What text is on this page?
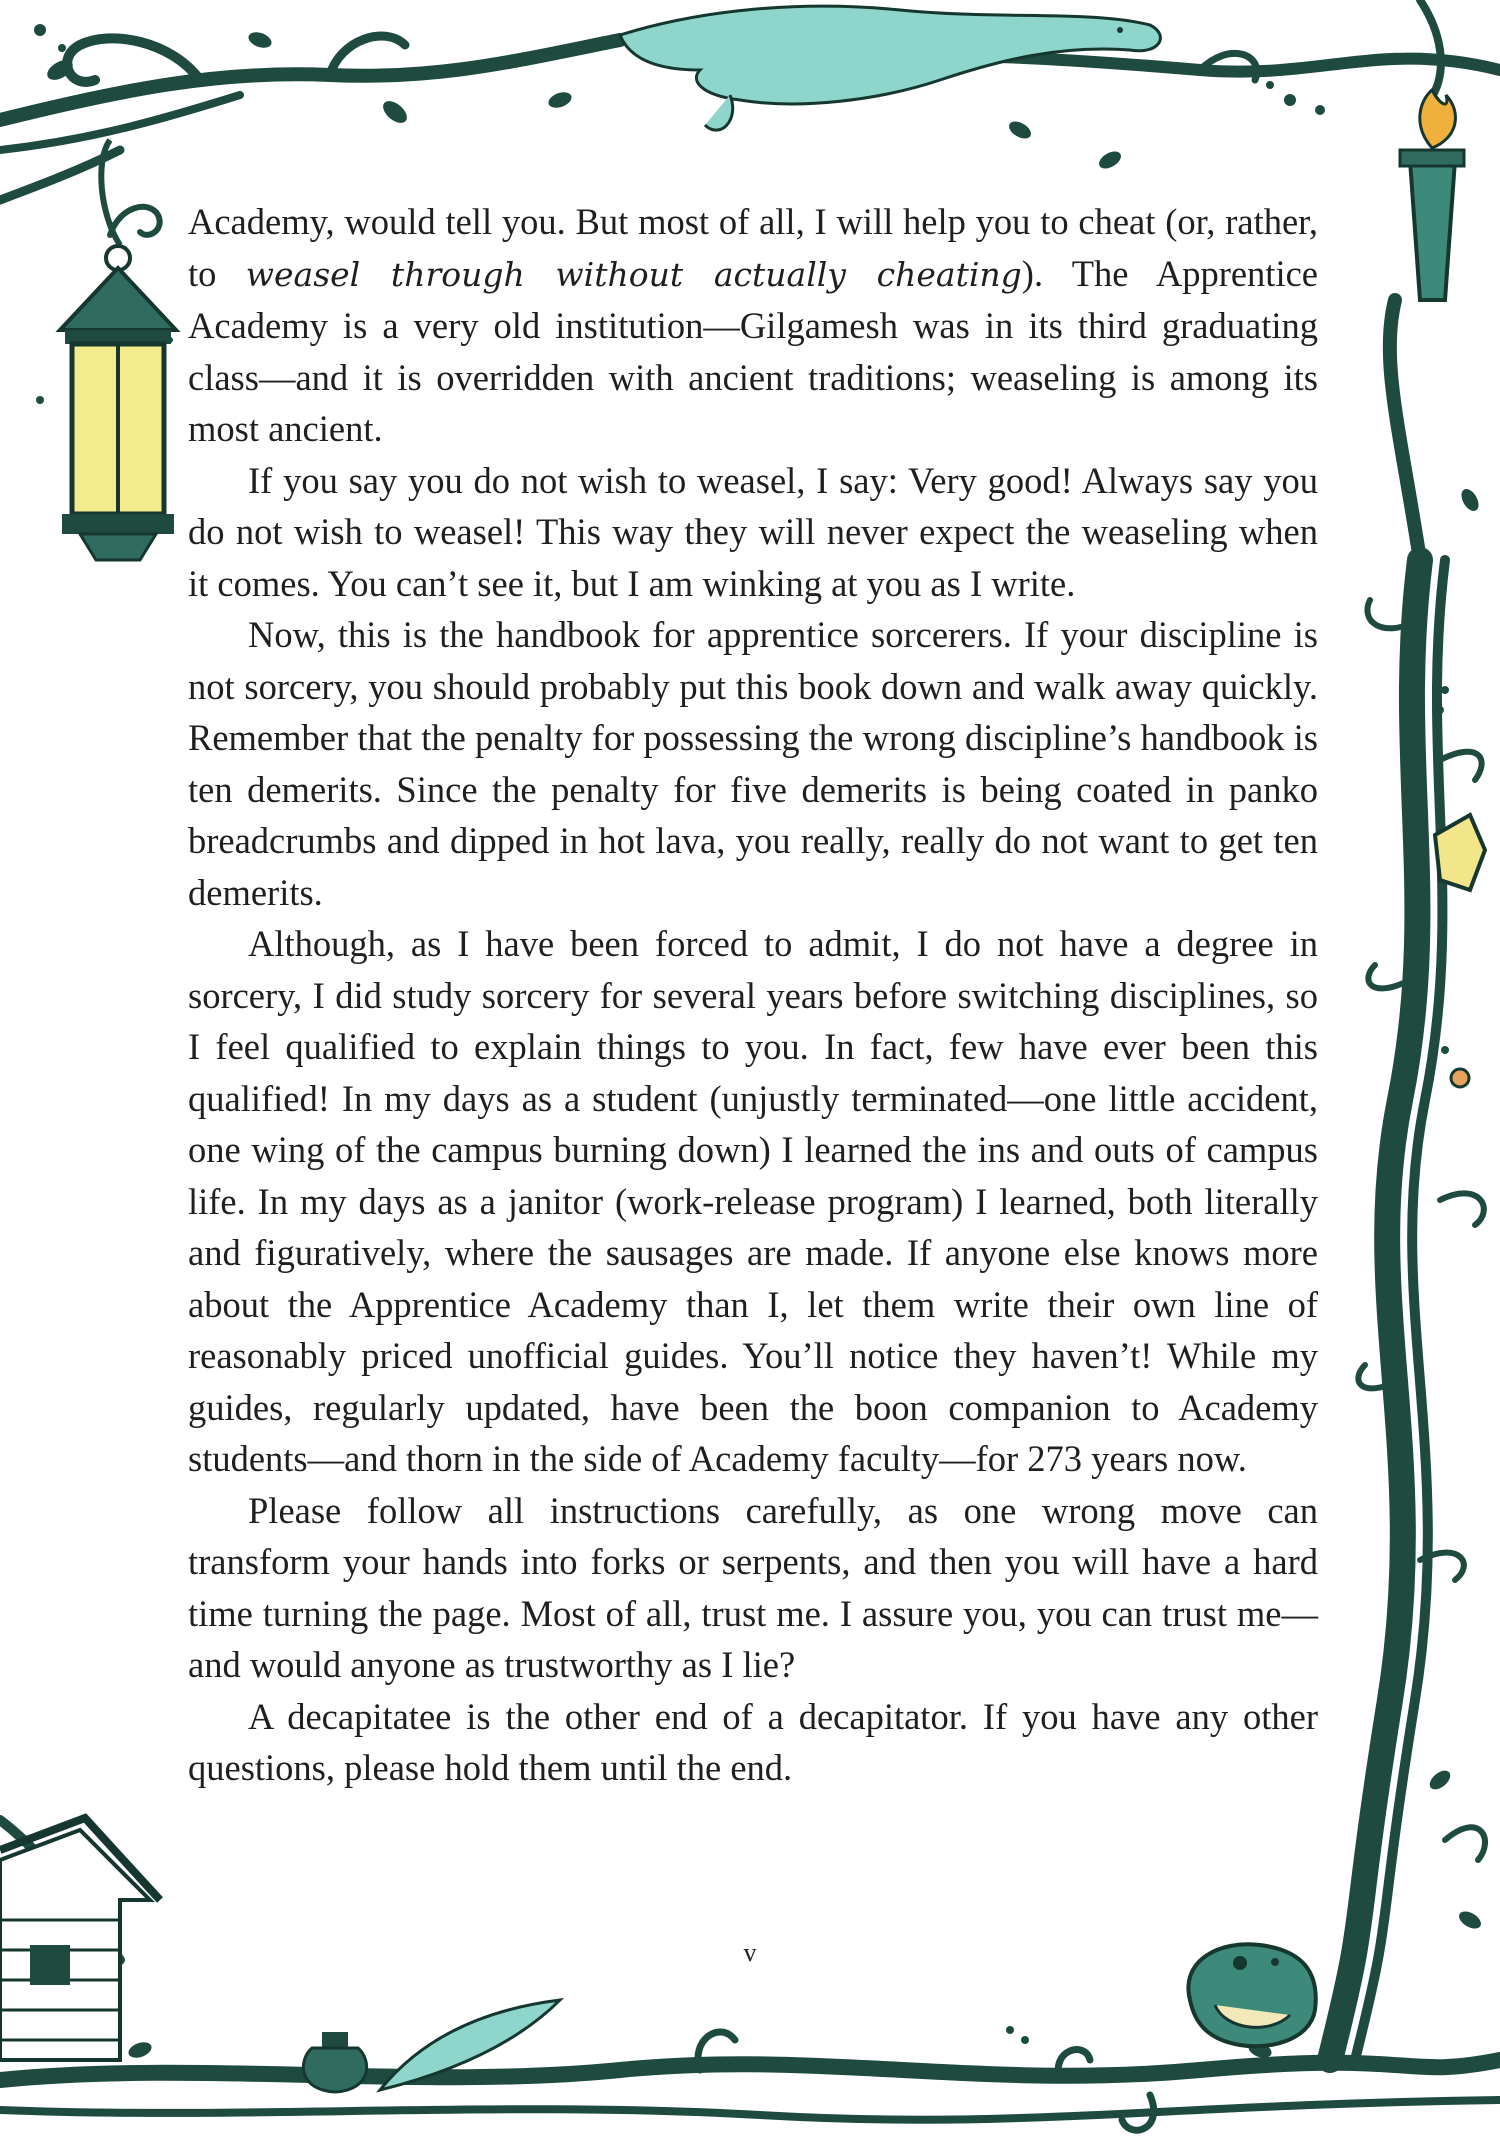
Academy, would tell you. But most of all, I will help you to cheat (or, rather, to weasel through without actually cheating). The Apprentice Academy is a very old institution—Gilgamesh was in its third graduating class—and it is overridden with ancient traditions; weaseling is among its most ancient.

If you say you do not wish to weasel, I say: Very good! Always say you do not wish to weasel! This way they will never expect the weaseling when it comes. You can’t see it, but I am winking at you as I write.

Now, this is the handbook for apprentice sorcerers. If your discipline is not sorcery, you should probably put this book down and walk away quickly. Remember that the penalty for possessing the wrong discipline’s handbook is ten demerits. Since the penalty for five demerits is being coated in panko breadcrumbs and dipped in hot lava, you really, really do not want to get ten demerits.

Although, as I have been forced to admit, I do not have a degree in sorcery, I did study sorcery for several years before switching disciplines, so I feel qualified to explain things to you. In fact, few have ever been this qualified! In my days as a student (unjustly terminated—one little accident, one wing of the campus burning down) I learned the ins and outs of campus life. In my days as a janitor (work-release program) I learned, both literally and figuratively, where the sausages are made. If anyone else knows more about the Apprentice Academy than I, let them write their own line of reasonably priced unofficial guides. You’ll notice they haven’t! While my guides, regularly updated, have been the boon companion to Academy students—and thorn in the side of Academy faculty—for 273 years now.

Please follow all instructions carefully, as one wrong move can transform your hands into forks or serpents, and then you will have a hard time turning the page. Most of all, trust me. I assure you, you can trust me—and would anyone as trustworthy as I lie?

A decapitatee is the other end of a decapitator. If you have any other questions, please hold them until the end.

v
